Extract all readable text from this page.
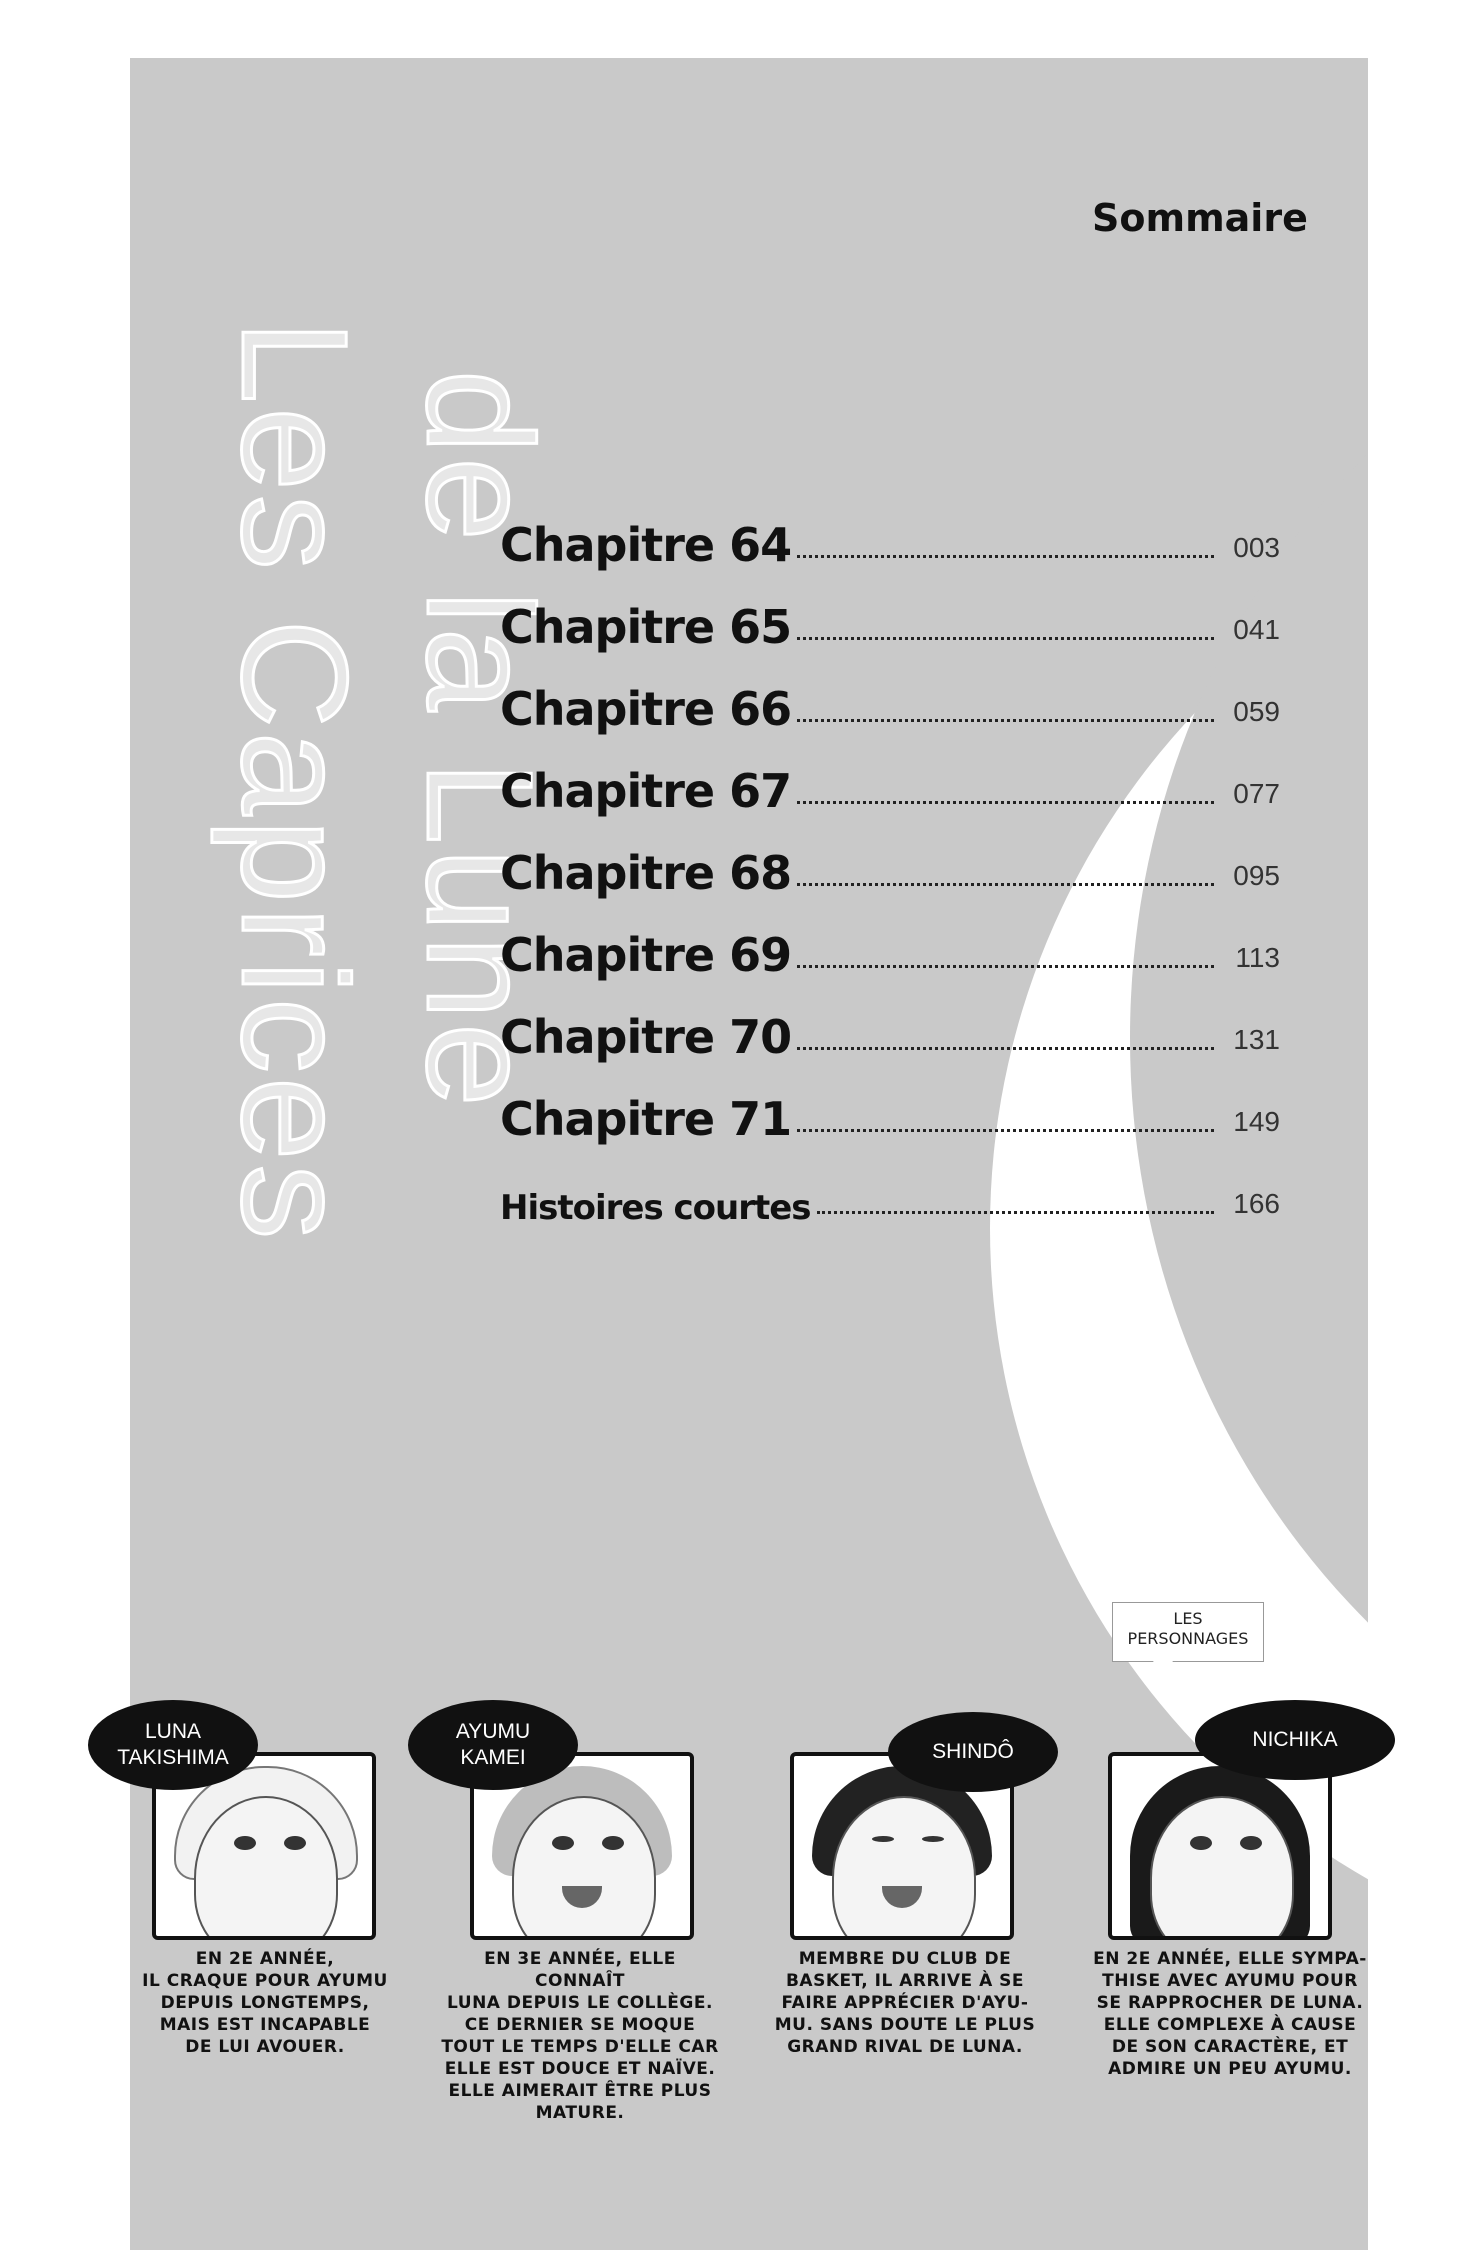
Les Caprices de la Lune
Sommaire
Chapitre 64	003
Chapitre 65	041
Chapitre 66	059
Chapitre 67	077
Chapitre 68	095
Chapitre 69	113
Chapitre 70	131
Chapitre 71	149
Histoires courtes	166
LES
PERSONNAGES
LUNA
TAKISHIMA
EN 2E ANNÉE,
IL CRAQUE POUR AYUMU
DEPUIS LONGTEMPS,
MAIS EST INCAPABLE
DE LUI AVOUER.
AYUMU
KAMEI
EN 3E ANNÉE, ELLE CONNAÎT
LUNA DEPUIS LE COLLÈGE.
CE DERNIER SE MOQUE
TOUT LE TEMPS D'ELLE CAR
ELLE EST DOUCE ET NAÏVE.
ELLE AIMERAIT ÊTRE PLUS
MATURE.
SHINDÔ
MEMBRE DU CLUB DE
BASKET, IL ARRIVE À SE
FAIRE APPRÉCIER D'AYU-
MU. SANS DOUTE LE PLUS
GRAND RIVAL DE LUNA.
NICHIKA
EN 2E ANNÉE, ELLE SYMPA-
THISE AVEC AYUMU POUR
SE RAPPROCHER DE LUNA.
ELLE COMPLEXE À CAUSE
DE SON CARACTÈRE, ET
ADMIRE UN PEU AYUMU.
